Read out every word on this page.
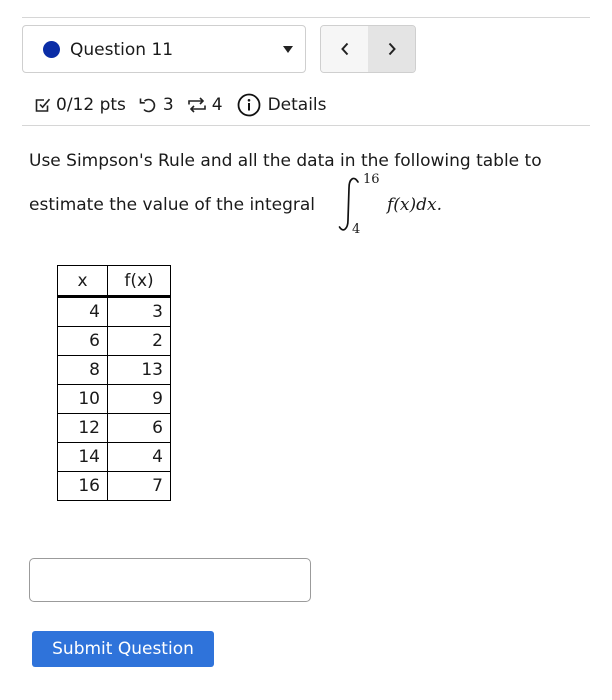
Question 11
0/12 pts 3 4	Details
Use Simpson's Rule and all the data in the following table to
estimate the value of the integral
16
4
f(x)dx.
x	f(x)
4	3
6	2
8	13
10	9
12	6
14	4
16	7
Submit Question
